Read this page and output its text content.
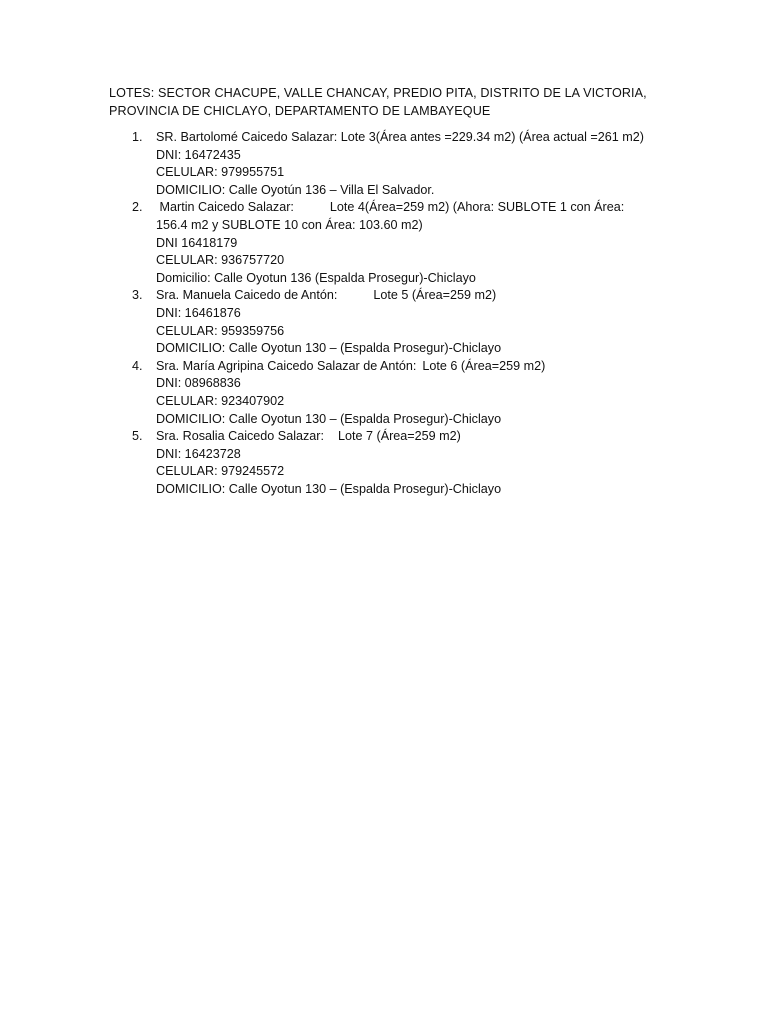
LOTES: SECTOR CHACUPE, VALLE CHANCAY, PREDIO PITA, DISTRITO DE LA VICTORIA,
PROVINCIA DE CHICLAYO, DEPARTAMENTO DE LAMBAYEQUE
1. SR. Bartolomé Caicedo Salazar: Lote 3(Área antes =229.34 m2) (Área actual =261 m2)
DNI: 16472435
CELULAR: 979955751
DOMICILIO: Calle Oyotún 136 – Villa El Salvador.
2. Martin Caicedo Salazar:	Lote 4(Área=259 m2) (Ahora: SUBLOTE 1 con Área:
156.4 m2 y SUBLOTE 10 con Área: 103.60 m2)
DNI 16418179
CELULAR: 936757720
Domicilio: Calle Oyotun 136 (Espalda Prosegur)-Chiclayo
3. Sra. Manuela Caicedo de Antón:	Lote 5 (Área=259 m2)
DNI: 16461876
CELULAR: 959359756
DOMICILIO: Calle Oyotun 130 – (Espalda Prosegur)-Chiclayo
4. Sra. María Agripina Caicedo Salazar de Antón: Lote 6 (Área=259 m2)
DNI: 08968836
CELULAR: 923407902
DOMICILIO: Calle Oyotun 130 – (Espalda Prosegur)-Chiclayo
5. Sra. Rosalia Caicedo Salazar: Lote 7 (Área=259 m2)
DNI: 16423728
CELULAR: 979245572
DOMICILIO: Calle Oyotun 130 – (Espalda Prosegur)-Chiclayo
